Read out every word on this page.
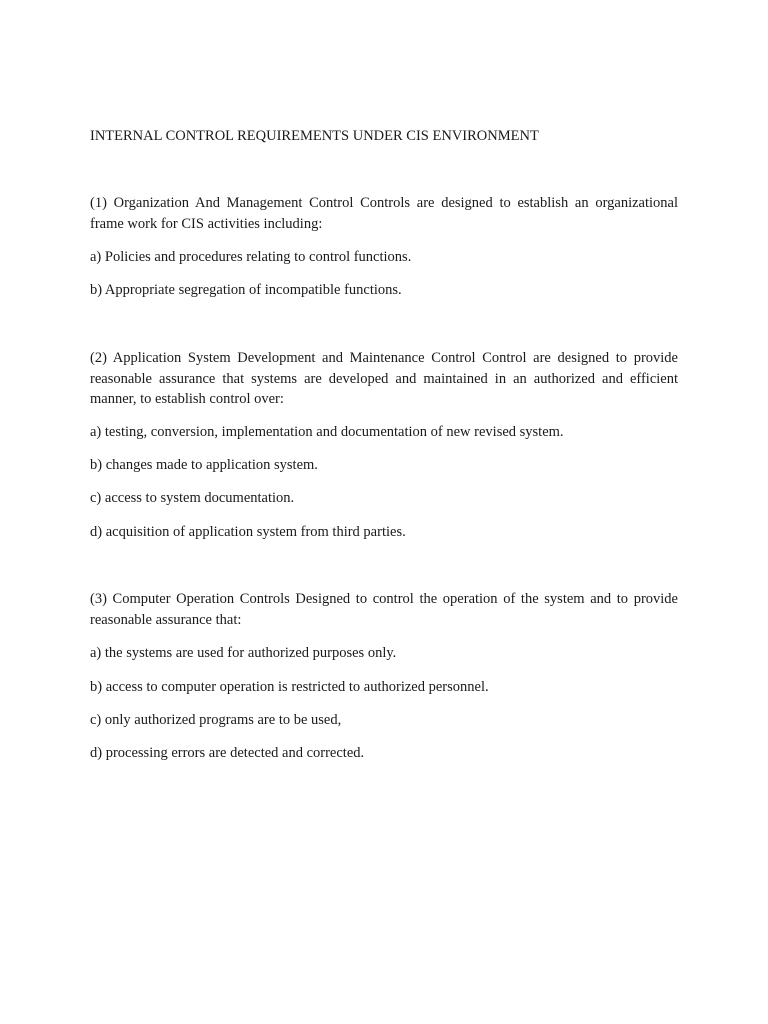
INTERNAL CONTROL REQUIREMENTS UNDER CIS ENVIRONMENT

(1) Organization And Management Control Controls are designed to establish an organizational frame work for CIS activities including:

a) Policies and procedures relating to control functions.

b) Appropriate segregation of incompatible functions.

(2) Application System Development and Maintenance Control Control are designed to provide reasonable assurance that systems are developed and maintained in an authorized and efficient manner, to establish control over:

a) testing, conversion, implementation and documentation of new revised system.

b) changes made to application system.

c) access to system documentation.

d) acquisition of application system from third parties.

(3) Computer Operation Controls Designed to control the operation of the system and to provide reasonable assurance that:

a) the systems are used for authorized purposes only.

b) access to computer operation is restricted to authorized personnel.

c) only authorized programs are to be used,

d) processing errors are detected and corrected.
